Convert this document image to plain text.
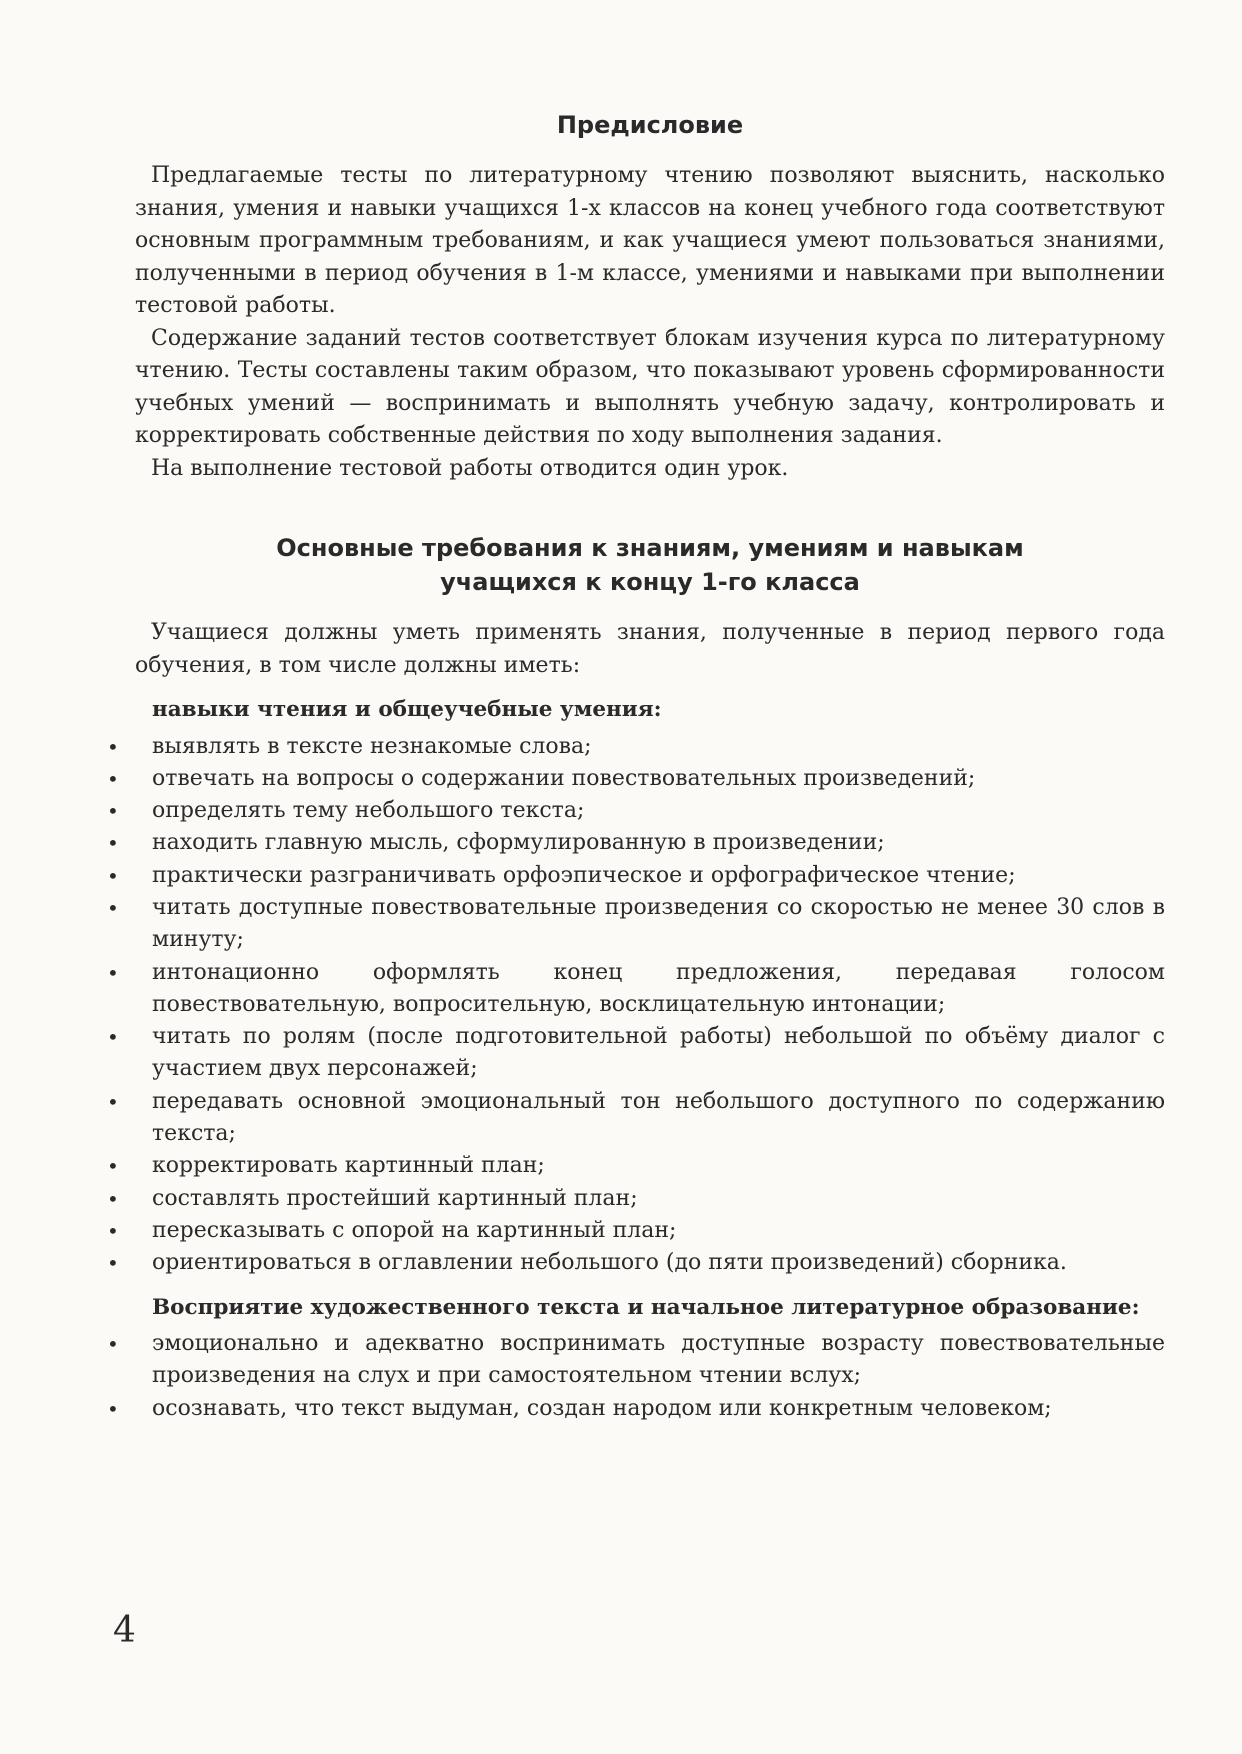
Предисловие

Предлагаемые тесты по литературному чтению позволяют выяснить, насколько знания, умения и навыки учащихся 1-х классов на конец учебного года соответствуют основным программным требованиям, и как учащиеся умеют пользоваться знаниями, полученными в период обучения в 1-м классе, умениями и навыками при выполнении тестовой работы.

Содержание заданий тестов соответствует блокам изучения курса по литературному чтению. Тесты составлены таким образом, что показывают уровень сформированности учебных умений — воспринимать и выполнять учебную задачу, контролировать и корректировать собственные действия по ходу выполнения задания.

На выполнение тестовой работы отводится один урок.

Основные требования к знаниям, умениям и навыкам
учащихся к концу 1-го класса

Учащиеся должны уметь применять знания, полученные в период первого года обучения, в том числе должны иметь:

навыки чтения и общеучебные умения:
• выявлять в тексте незнакомые слова;
• отвечать на вопросы о содержании повествовательных произведений;
• определять тему небольшого текста;
• находить главную мысль, сформулированную в произведении;
• практически разграничивать орфоэпическое и орфографическое чтение;
• читать доступные повествовательные произведения со скоростью не менее 30 слов в минуту;
• интонационно оформлять конец предложения, передавая голосом повествовательную, вопросительную, восклицательную интонации;
• читать по ролям (после подготовительной работы) небольшой по объёму диалог с участием двух персонажей;
• передавать основной эмоциональный тон небольшого доступного по содержанию текста;
• корректировать картинный план;
• составлять простейший картинный план;
• пересказывать с опорой на картинный план;
• ориентироваться в оглавлении небольшого (до пяти произведений) сборника.
Восприятие художественного текста и начальное литературное образование:
• эмоционально и адекватно воспринимать доступные возрасту повествовательные произведения на слух и при самостоятельном чтении вслух;
• осознавать, что текст выдуман, создан народом или конкретным человеком;
4
